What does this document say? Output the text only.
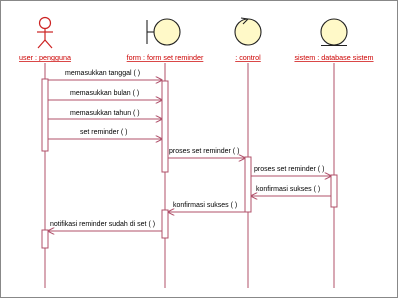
user : pengguna	form : form set reminder	: control	sistem : database sistem
memasukkan tanggal ( )
memasukkan bulan ( )
memasukkan tahun ( )
set reminder ( )
proses set reminder ( )
proses set reminder ( )
konfirmasi sukses ( )
konfirmasi sukses ( )
notifikasi reminder sudah di set ( )
